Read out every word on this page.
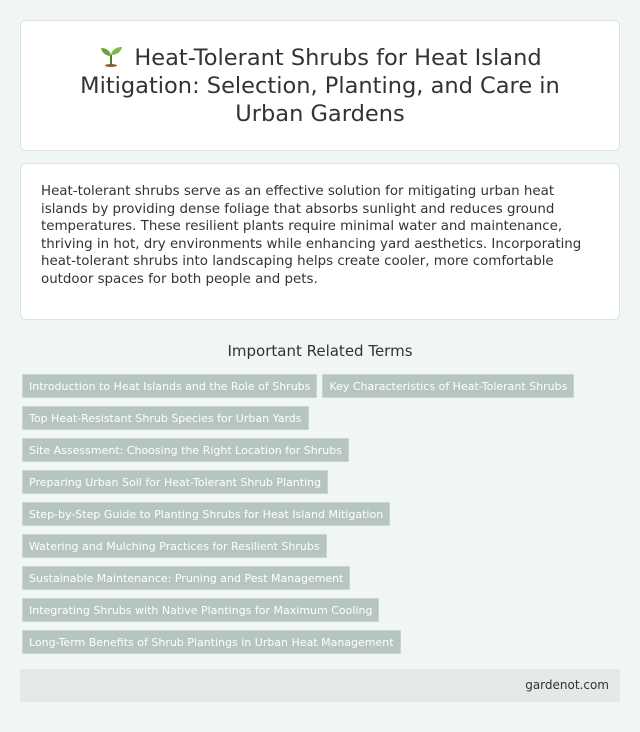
Heat-Tolerant Shrubs for Heat Island Mitigation: Selection, Planting, and Care in Urban Gardens

Heat-tolerant shrubs serve as an effective solution for mitigating urban heat islands by providing dense foliage that absorbs sunlight and reduces ground temperatures. These resilient plants require minimal water and maintenance, thriving in hot, dry environments while enhancing yard aesthetics. Incorporating heat-tolerant shrubs into landscaping helps create cooler, more comfortable outdoor spaces for both people and pets.

Important Related Terms
Introduction to Heat Islands and the Role of Shrubs Key Characteristics of Heat-Tolerant Shrubs
Top Heat-Resistant Shrub Species for Urban Yards
Site Assessment: Choosing the Right Location for Shrubs
Preparing Urban Soil for Heat-Tolerant Shrub Planting
Step-by-Step Guide to Planting Shrubs for Heat Island Mitigation
Watering and Mulching Practices for Resilient Shrubs
Sustainable Maintenance: Pruning and Pest Management
Integrating Shrubs with Native Plantings for Maximum Cooling
Long-Term Benefits of Shrub Plantings in Urban Heat Management
gardenot.com
